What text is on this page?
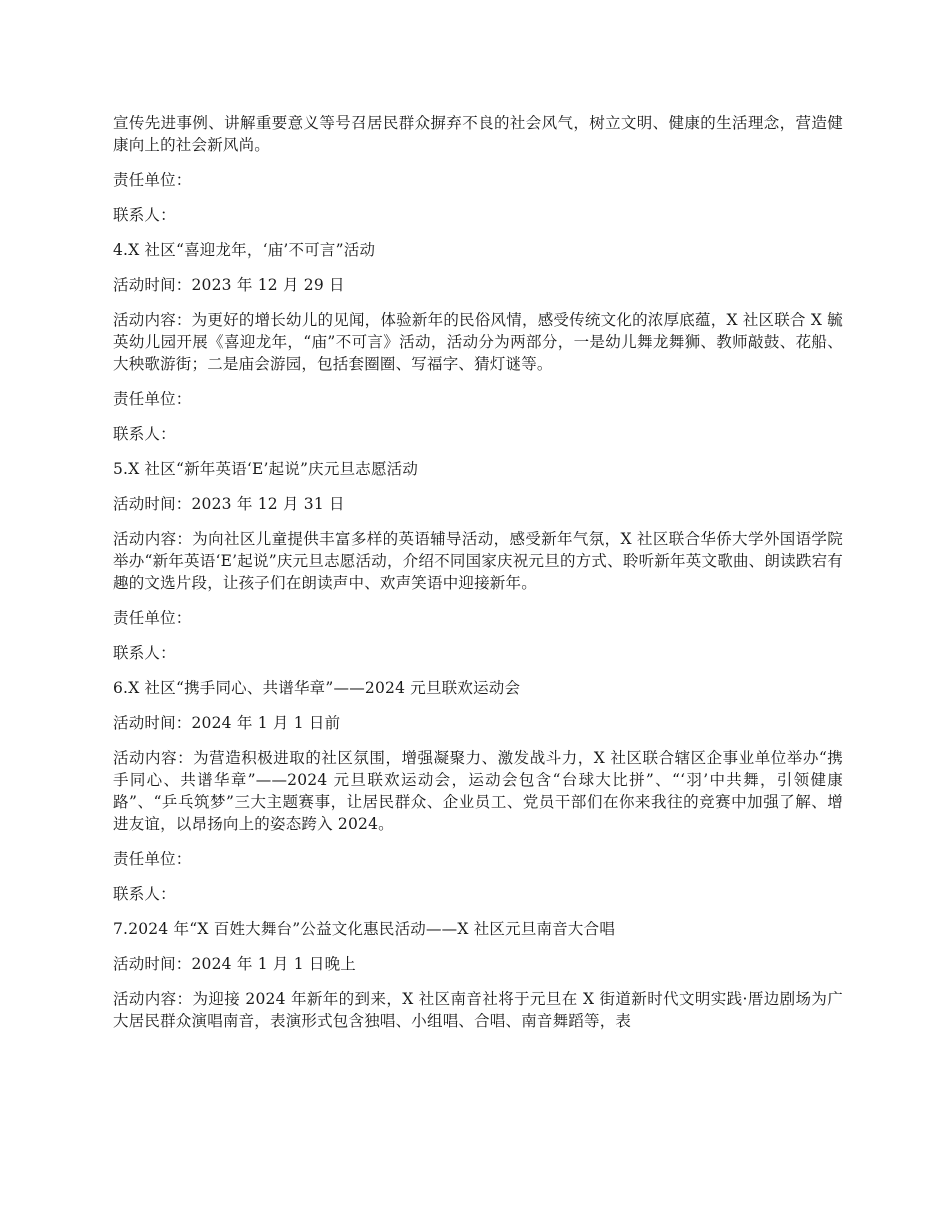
宣传先进事例、讲解重要意义等号召居民群众摒弃不良的社会风气，树立文明、健康的生活理念，营造健康向上的社会新风尚。

责任单位：

联系人：

4.X 社区“喜迎龙年，‘庙’不可言”活动

活动时间：2023 年 12 月 29 日

活动内容：为更好的增长幼儿的见闻，体验新年的民俗风情，感受传统文化的浓厚底蕴，X 社区联合 X 毓英幼儿园开展《喜迎龙年，“庙”不可言》活动，活动分为两部分，一是幼儿舞龙舞狮、教师敲鼓、花船、大秧歌游街；二是庙会游园，包括套圈圈、写福字、猜灯谜等。

责任单位：

联系人：

5.X 社区“新年英语‘E’起说”庆元旦志愿活动

活动时间：2023 年 12 月 31 日

活动内容：为向社区儿童提供丰富多样的英语辅导活动，感受新年气氛，X 社区联合华侨大学外国语学院举办“新年英语‘E’起说”庆元旦志愿活动，介绍不同国家庆祝元旦的方式、聆听新年英文歌曲、朗读跌宕有趣的文选片段，让孩子们在朗读声中、欢声笑语中迎接新年。

责任单位：

联系人：

6.X 社区“携手同心、共谱华章”——2024 元旦联欢运动会

活动时间：2024 年 1 月 1 日前

活动内容：为营造积极进取的社区氛围，增强凝聚力、激发战斗力，X 社区联合辖区企事业单位举办“携手同心、共谱华章”——2024 元旦联欢运动会，运动会包含“台球大比拼”、“‘羽’中共舞，引领健康路”、“乒乓筑梦”三大主题赛事，让居民群众、企业员工、党员干部们在你来我往的竞赛中加强了解、增进友谊，以昂扬向上的姿态跨入 2024。

责任单位：

联系人：

7.2024 年“X 百姓大舞台”公益文化惠民活动——X 社区元旦南音大合唱

活动时间：2024 年 1 月 1 日晚上

活动内容：为迎接 2024 年新年的到来，X 社区南音社将于元旦在 X 街道新时代文明实践·厝边剧场为广大居民群众演唱南音，表演形式包含独唱、小组唱、合唱、南音舞蹈等，表
